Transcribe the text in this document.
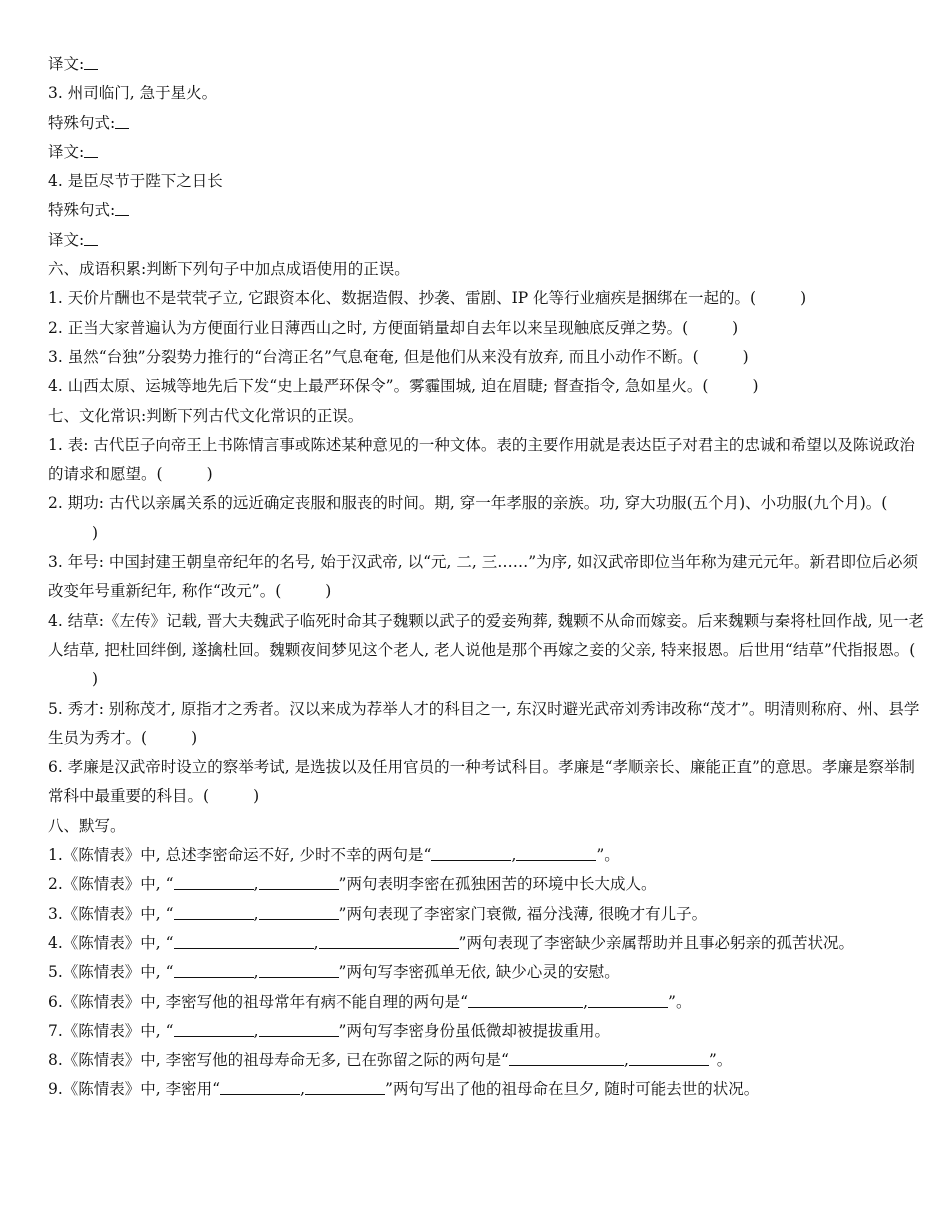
译文:
3. 州司临门, 急于星火。
特殊句式:
译文:
4. 是臣尽节于陛下之日长
特殊句式:
译文:
六、成语积累:判断下列句子中加点成语使用的正误。
1. 天价片酬也不是茕茕孑立, 它跟资本化、数据造假、抄袭、雷剧、IP 化等行业痼疾是捆绑在一起的。(	)
2. 正当大家普遍认为方便面行业日薄西山之时, 方便面销量却自去年以来呈现触底反弹之势。(	)
3. 虽然“台独”分裂势力推行的“台湾正名”气息奄奄, 但是他们从来没有放弃, 而且小动作不断。(	)
4. 山西太原、运城等地先后下发“史上最严环保令”。雾霾围城, 迫在眉睫; 督查指令, 急如星火。(	)
七、文化常识:判断下列古代文化常识的正误。
1. 表: 古代臣子向帝王上书陈情言事或陈述某种意见的一种文体。表的主要作用就是表达臣子对君主的忠诚和希望以及陈说政治的请求和愿望。(	)
2. 期功: 古代以亲属关系的远近确定丧服和服丧的时间。期, 穿一年孝服的亲族。功, 穿大功服(五个月)、小功服(九个月)。()
3. 年号: 中国封建王朝皇帝纪年的名号, 始于汉武帝, 以“元, 二, 三……”为序, 如汉武帝即位当年称为建元元年。新君即位后必须改变年号重新纪年, 称作“改元”。(	)
4. 结草:《左传》记载, 晋大夫魏武子临死时命其子魏颗以武子的爱妾殉葬, 魏颗不从命而嫁妾。后来魏颗与秦将杜回作战, 见一老人结草, 把杜回绊倒, 遂擒杜回。魏颗夜间梦见这个老人, 老人说他是那个再嫁之妾的父亲, 特来报恩。后世用“结草”代指报恩。()
5. 秀才: 别称茂才, 原指才之秀者。汉以来成为荐举人才的科目之一, 东汉时避光武帝刘秀讳改称“茂才”。明清则称府、州、县学生员为秀才。(	)
6. 孝廉是汉武帝时设立的察举考试, 是选拔以及任用官员的一种考试科目。孝廉是“孝顺亲长、廉能正直”的意思。孝廉是察举制常科中最重要的科目。(	)
八、默写。
1.《陈情表》中, 总述李密命运不好, 少时不幸的两句是“	,	”。
2.《陈情表》中, “	,	”两句表明李密在孤独困苦的环境中长大成人。
3.《陈情表》中, “	,	”两句表现了李密家门衰微, 福分浅薄, 很晚才有儿子。
4.《陈情表》中, “	,	”两句表现了李密缺少亲属帮助并且事必躬亲的孤苦状况。
5.《陈情表》中, “	,	”两句写李密孤单无依, 缺少心灵的安慰。
6.《陈情表》中, 李密写他的祖母常年有病不能自理的两句是“	,	”。
7.《陈情表》中, “	,	”两句写李密身份虽低微却被提拔重用。
8.《陈情表》中, 李密写他的祖母寿命无多, 已在弥留之际的两句是“	,	”。
9.《陈情表》中, 李密用“	,	”两句写出了他的祖母命在旦夕, 随时可能去世的状况。
